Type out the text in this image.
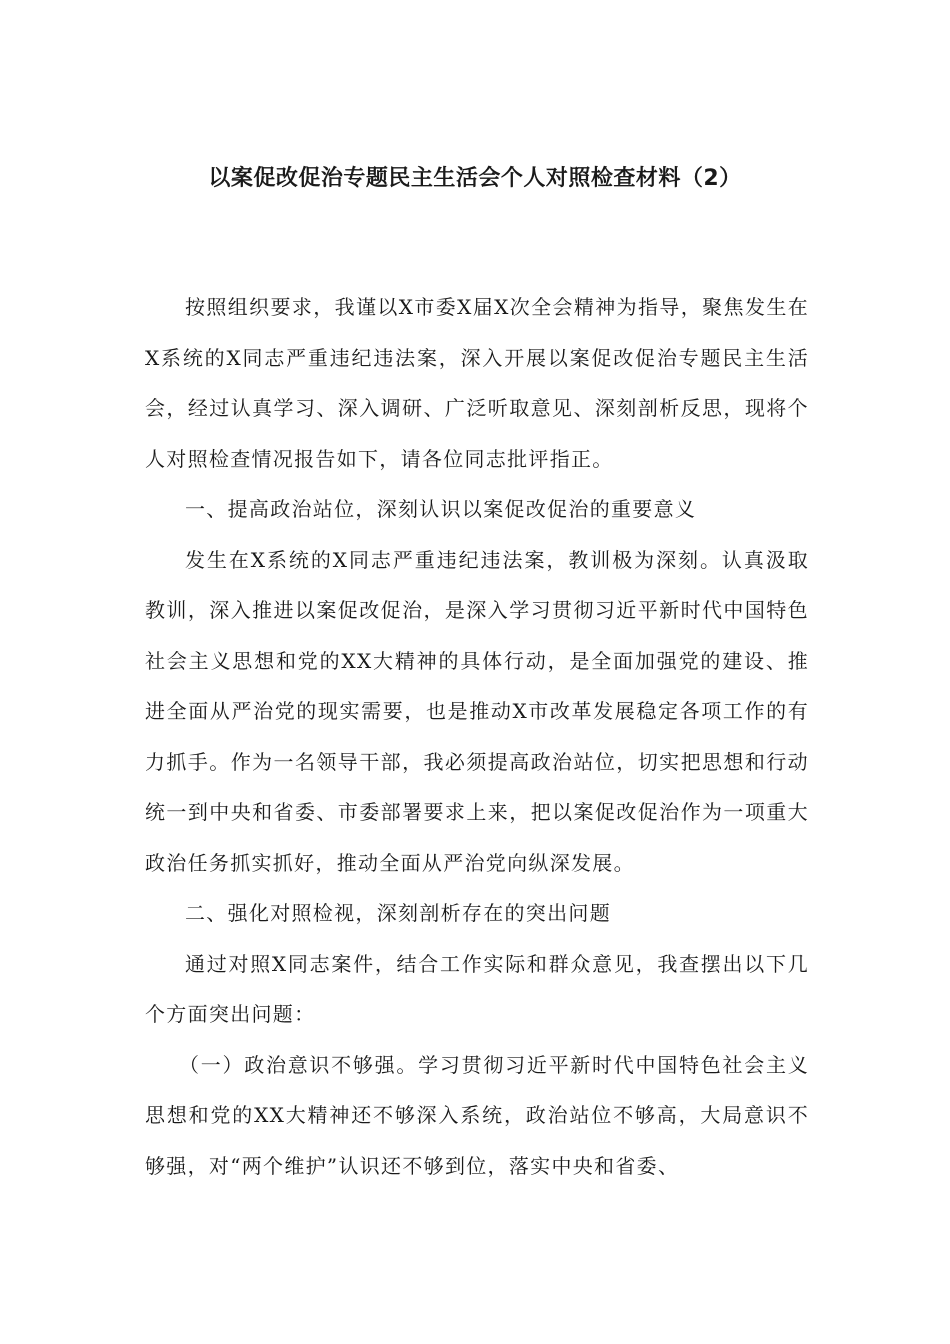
以案促改促治专题民主生活会个人对照检查材料（2）

按照组织要求，我谨以X市委X届X次全会精神为指导，聚焦发生在X系统的X同志严重违纪违法案，深入开展以案促改促治专题民主生活会，经过认真学习、深入调研、广泛听取意见、深刻剖析反思，现将个人对照检查情况报告如下，请各位同志批评指正。

一、提高政治站位，深刻认识以案促改促治的重要意义

发生在X系统的X同志严重违纪违法案，教训极为深刻。认真汲取教训，深入推进以案促改促治，是深入学习贯彻习近平新时代中国特色社会主义思想和党的XX大精神的具体行动，是全面加强党的建设、推进全面从严治党的现实需要，也是推动X市改革发展稳定各项工作的有力抓手。作为一名领导干部，我必须提高政治站位，切实把思想和行动统一到中央和省委、市委部署要求上来，把以案促改促治作为一项重大政治任务抓实抓好，推动全面从严治党向纵深发展。

二、强化对照检视，深刻剖析存在的突出问题

通过对照X同志案件，结合工作实际和群众意见，我查摆出以下几个方面突出问题：

（一）政治意识不够强。学习贯彻习近平新时代中国特色社会主义思想和党的XX大精神还不够深入系统，政治站位不够高，大局意识不够强，对“两个维护”认识还不够到位，落实中央和省委、
